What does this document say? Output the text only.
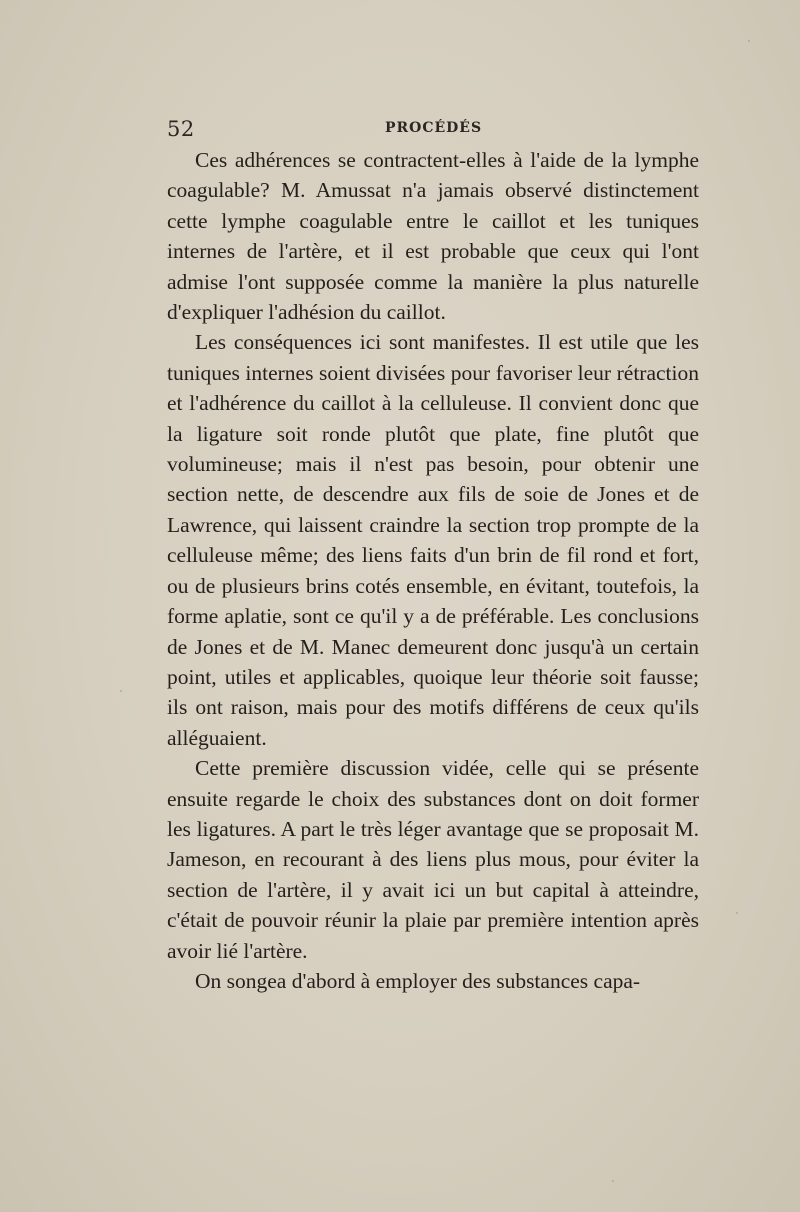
52	PROCÉDÉS

Ces adhérences se contractent-elles à l'aide de la lymphe coagulable? M. Amussat n'a jamais observé distinctement cette lymphe coagulable entre le caillot et les tuniques internes de l'artère, et il est probable que ceux qui l'ont admise l'ont supposée comme la manière la plus naturelle d'expliquer l'adhésion du caillot.

Les conséquences ici sont manifestes. Il est utile que les tuniques internes soient divisées pour favoriser leur rétraction et l'adhérence du caillot à la celluleuse. Il convient donc que la ligature soit ronde plutôt que plate, fine plutôt que volumineuse; mais il n'est pas besoin, pour obtenir une section nette, de descendre aux fils de soie de Jones et de Lawrence, qui laissent craindre la section trop prompte de la celluleuse même; des liens faits d'un brin de fil rond et fort, ou de plusieurs brins cotés ensemble, en évitant, toutefois, la forme aplatie, sont ce qu'il y a de préférable. Les conclusions de Jones et de M. Manec demeurent donc jusqu'à un certain point, utiles et applicables, quoique leur théorie soit fausse; ils ont raison, mais pour des motifs différens de ceux qu'ils alléguaient.

Cette première discussion vidée, celle qui se présente ensuite regarde le choix des substances dont on doit former les ligatures. A part le très léger avantage que se proposait M. Jameson, en recourant à des liens plus mous, pour éviter la section de l'artère, il y avait ici un but capital à atteindre, c'était de pouvoir réunir la plaie par première intention après avoir lié l'artère.

On songea d'abord à employer des substances capa-
